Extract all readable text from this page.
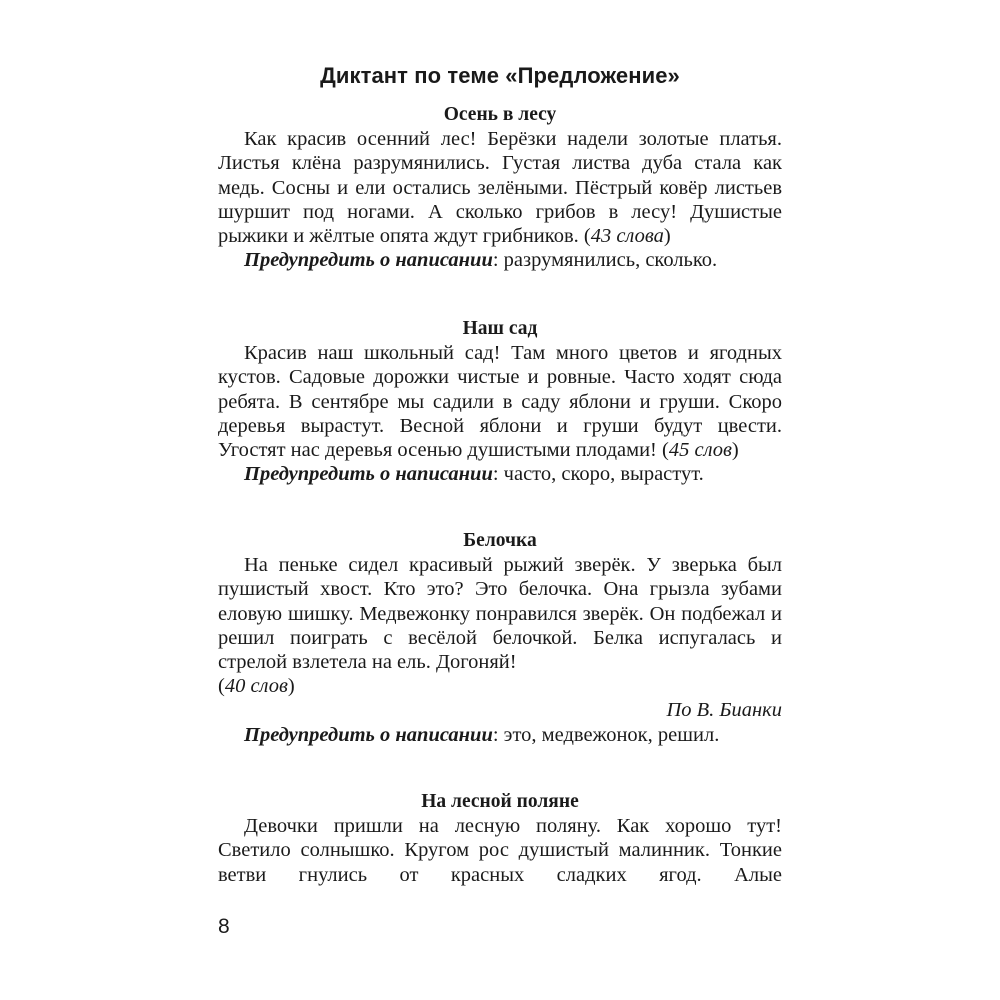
Диктант по теме «Предложение»
Осень в лесу

Как красив осенний лес! Берёзки надели золотые платья. Листья клёна разрумянились. Густая листва дуба стала как медь. Сосны и ели остались зелёными. Пёстрый ковёр листьев шуршит под ногами. А сколько грибов в лесу! Душистые рыжики и жёлтые опята ждут грибников. (43 слова)

Предупредить о написании: разрумянились, сколько.

Наш сад

Красив наш школьный сад! Там много цветов и ягодных кустов. Садовые дорожки чистые и ровные. Часто ходят сюда ребята. В сентябре мы садили в саду яблони и груши. Скоро деревья вырастут. Весной яблони и груши будут цвести. Угостят нас деревья осенью душистыми плодами! (45 слов)

Предупредить о написании: часто, скоро, вырастут.

Белочка

На пеньке сидел красивый рыжий зверёк. У зверька был пушистый хвост. Кто это? Это белочка. Она грызла зубами еловую шишку. Медвежонку понравился зверёк. Он подбежал и решил поиграть с весёлой белочкой. Белка испугалась и стрелой взлетела на ель. Догоняй!

(40 слов)

По В. Бианки

Предупредить о написании: это, медвежонок, решил.

На лесной поляне

Девочки пришли на лесную поляну. Как хорошо тут! Светило солнышко. Кругом рос душистый малинник. Тонкие ветви гнулись от красных сладких ягод. Алые

8
